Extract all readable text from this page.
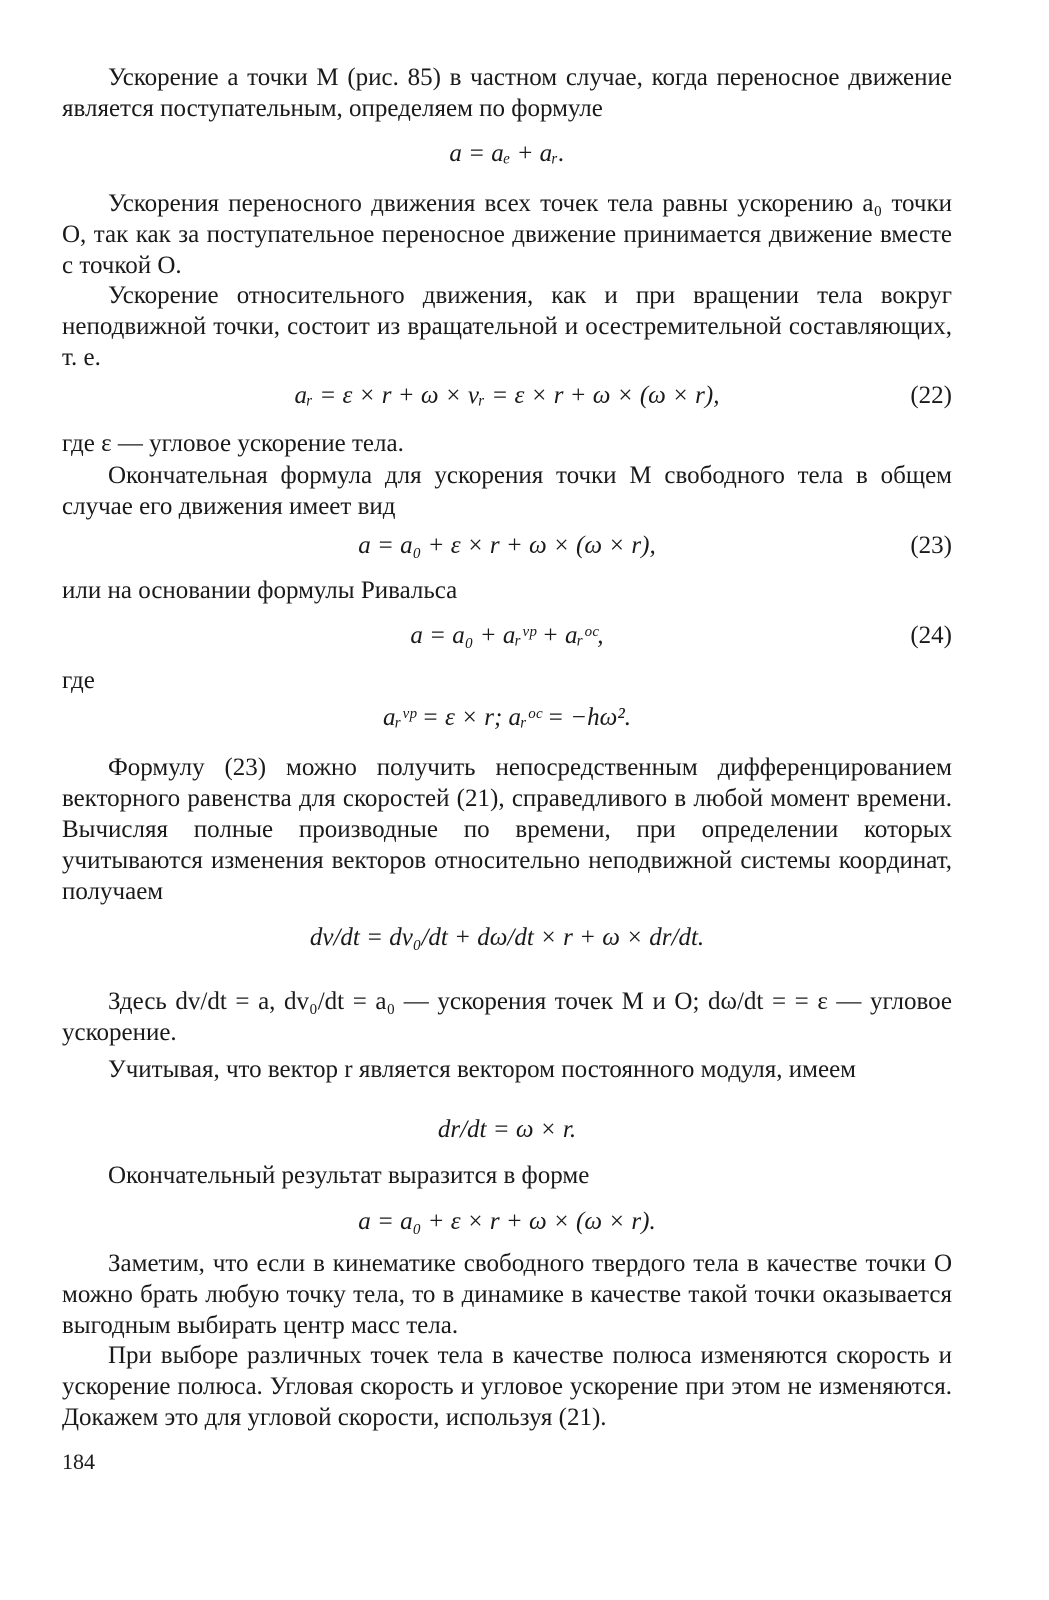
Ускорение a точки M (рис. 85) в частном случае, когда переносное движение является поступательным, определяем по формуле

a = aₑ + aᵣ.

Ускорения переносного движения всех точек тела равны ускорению a₀ точки O, так как за поступательное переносное движение принимается движение вместе с точкой O.

Ускорение относительного движения, как и при вращении тела вокруг неподвижной точки, состоит из вращательной и осестремительной составляющих, т. е.

aᵣ = ε × r + ω × vᵣ = ε × r + ω × (ω × r),	(22)

где ε — угловое ускорение тела.

Окончательная формула для ускорения точки M свободного тела в общем случае его движения имеет вид

a = a₀ + ε × r + ω × (ω × r),	(23)

или на основании формулы Ривальса

a = a₀ + aᵣᵛᵖ + aᵣᵒᶜ,	(24)

где

aᵣᵛᵖ = ε × r; aᵣᵒᶜ = −hω².

Формулу (23) можно получить непосредственным дифференцированием векторного равенства для скоростей (21), справедливого в любой момент времени. Вычисляя полные производные по времени, при определении которых учитываются изменения векторов относительно неподвижной системы координат, получаем

dv/dt = dv₀/dt + dω/dt × r + ω × dr/dt.

Здесь dv/dt = a, dv₀/dt = a₀ — ускорения точек M и O; dω/dt = = ε — угловое ускорение.

Учитывая, что вектор r является вектором постоянного модуля, имеем

dr/dt = ω × r.

Окончательный результат выразится в форме

a = a₀ + ε × r + ω × (ω × r).

Заметим, что если в кинематике свободного твердого тела в качестве точки O можно брать любую точку тела, то в динамике в качестве такой точки оказывается выгодным выбирать центр масс тела.

При выборе различных точек тела в качестве полюса изменяются скорость и ускорение полюса. Угловая скорость и угловое ускорение при этом не изменяются. Докажем это для угловой скорости, используя (21).

184
